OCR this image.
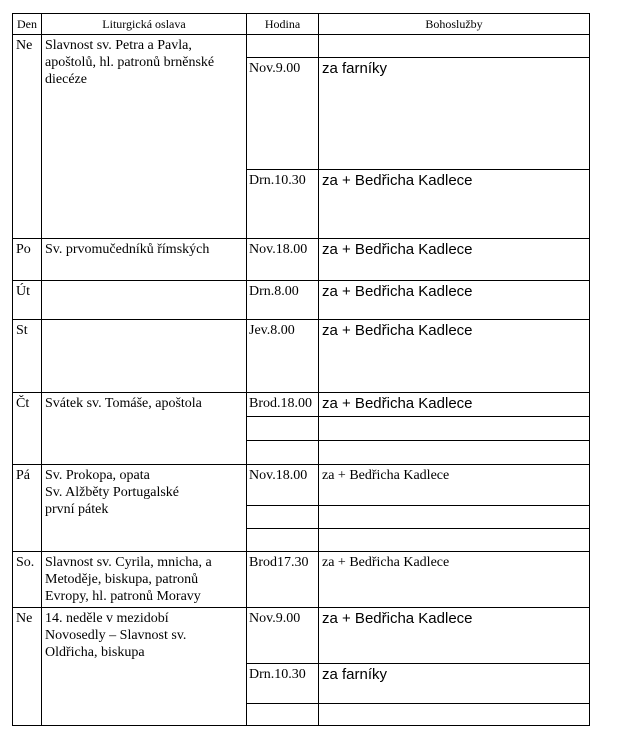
Den	Liturgická oslava	Hodina	Bohoslužby

Ne	Slavnost sv. Petra a Pavla,
apoštolů, hl. patronů brněnské
diecéze		

		Nov.9.00	za farníky

		Drn.10.30	za + Bedřicha Kadlece

Po	Sv. prvomučedníků římských	Nov.18.00	za + Bedřicha Kadlece

Út		Drn.8.00	za + Bedřicha Kadlece

St		Jev.8.00	za + Bedřicha Kadlece

Čt	Svátek sv. Tomáše, apoštola	Brod.18.00	za + Bedřicha Kadlece

Pá	Sv. Prokopa, opata
Sv. Alžběty Portugalské
první pátek	Nov.18.00	za + Bedřicha Kadlece

So.	Slavnost sv. Cyrila, mnicha, a
Metoděje, biskupa, patronů
Evropy, hl. patronů Moravy	Brod17.30	za + Bedřicha Kadlece

Ne	14. neděle v mezidobí
Novosedly – Slavnost sv.
Oldřicha, biskupa	Nov.9.00	za + Bedřicha Kadlece

		Drn.10.30	za farníky
